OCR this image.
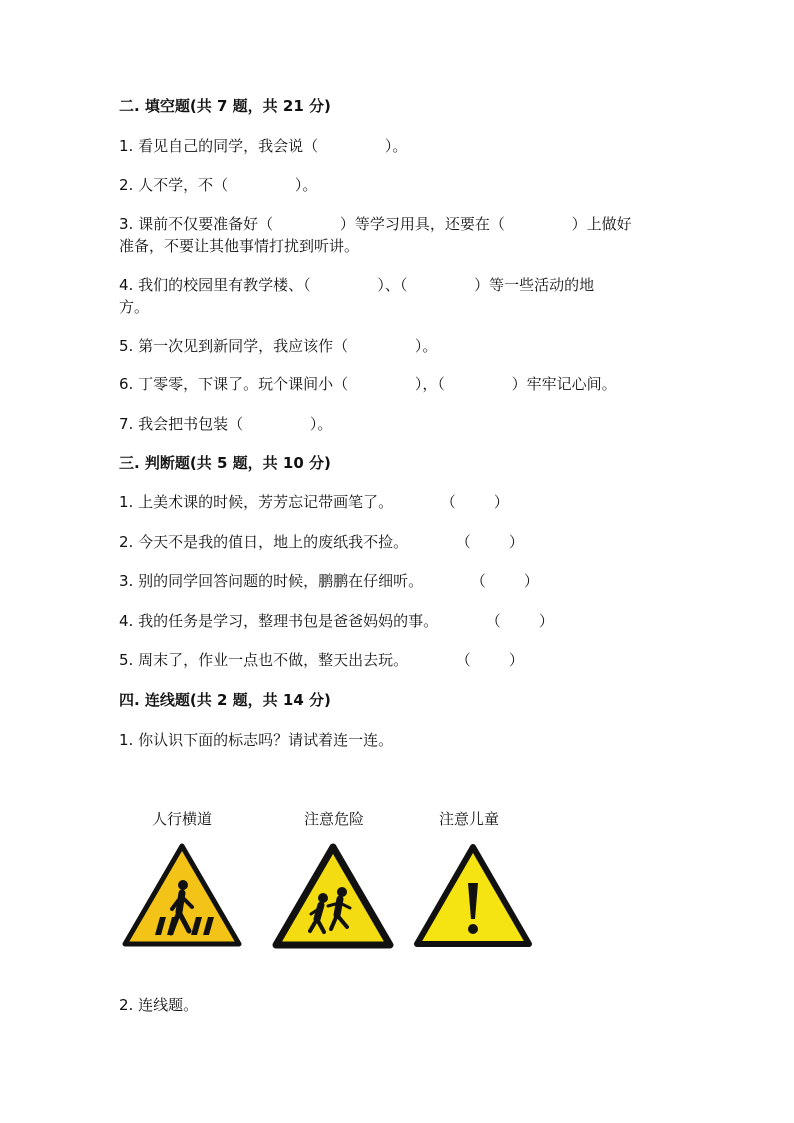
二. 填空题(共 7 题，共 21 分)
1. 看见自己的同学，我会说（              ）。
2. 人不学，不（              ）。
3. 课前不仅要准备好（              ）等学习用具，还要在（              ）上做好
准备，不要让其他事情打扰到听讲。
4. 我们的校园里有教学楼、（              ）、（              ）等一些活动的地
方。
5. 第一次见到新同学，我应该作（              ）。
6. 丁零零，下课了。玩个课间小（              ），（              ）牢牢记心间。
7. 我会把书包装（              ）。
三. 判断题(共 5 题，共 10 分)
1. 上美术课的时候，芳芳忘记带画笔了。          （        ）
2. 今天不是我的值日，地上的废纸我不捡。          （        ）
3. 别的同学回答问题的时候，鹏鹏在仔细听。          （        ）
4. 我的任务是学习，整理书包是爸爸妈妈的事。          （        ）
5. 周末了，作业一点也不做，整天出去玩。          （        ）
四. 连线题(共 2 题，共 14 分)
1. 你认识下面的标志吗？请试着连一连。
人行横道	注意危险	注意儿童
2. 连线题。
